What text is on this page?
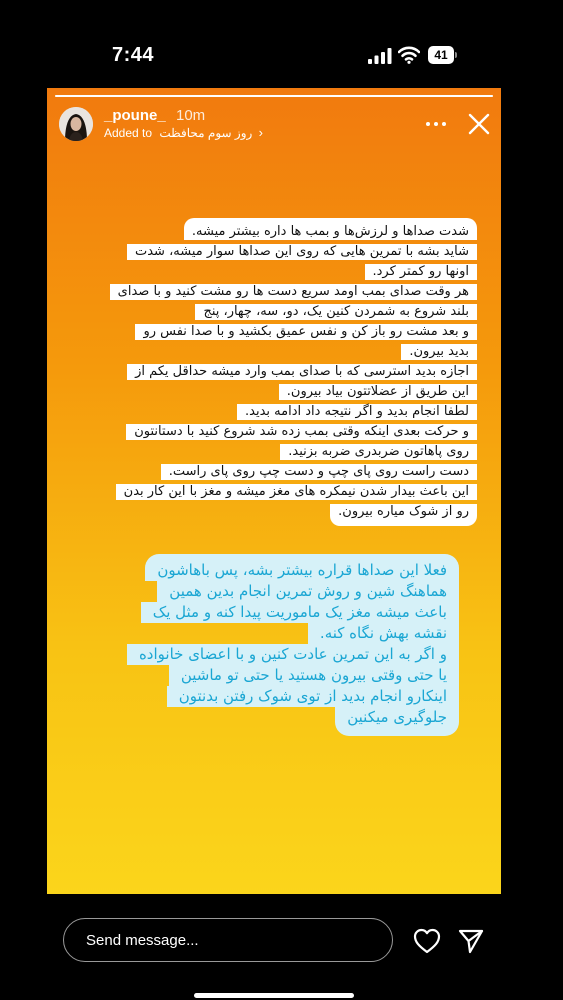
7:44	41
_poune_ 10m
Added to روز سوم محافظت ›
شدت صداها و لرزش‌ها و بمب ها داره بیشتر میشه.
شاید بشه با تمرین هایی که روی این صداها سوار میشه، شدت
اونها رو کمتر کرد.
هر وقت صدای بمب اومد سریع دست ها رو مشت کنید و با صدای
بلند شروع به شمردن کنین یک، دو، سه، چهار، پنج
و بعد مشت رو باز کن و نفس عمیق بکشید و با صدا نفس رو
بدید بیرون.
اجازه بدید استرسی که با صدای بمب وارد میشه حداقل یکم از
این طریق از عضلاتتون بیاد بیرون.
لطفا انجام بدید و اگر نتیجه داد ادامه بدید.
و حرکت بعدی اینکه وقتی بمب زده شد شروع کنید با دستانتون
روی پاهاتون ضربدری ضربه بزنید.
دست راست روی پای چپ و دست چپ روی پای راست.
این باعث بیدار شدن نیمکره های مغز میشه و مغز با این کار بدن
رو از شوک میاره بیرون.
فعلا این صداها قراره بیشتر بشه، پس باهاشون
هماهنگ شین و روش تمرین انجام بدین همین
باعث میشه مغز یک ماموریت پیدا کنه و مثل یک
نقشه بهش نگاه کنه.
و اگر به این تمرین عادت کنین و با اعضای خانواده
یا حتی وقتی بیرون هستید یا حتی تو ماشین
اینکارو انجام بدید از توی شوک رفتن بدنتون
جلوگیری میکنین
Send message...
